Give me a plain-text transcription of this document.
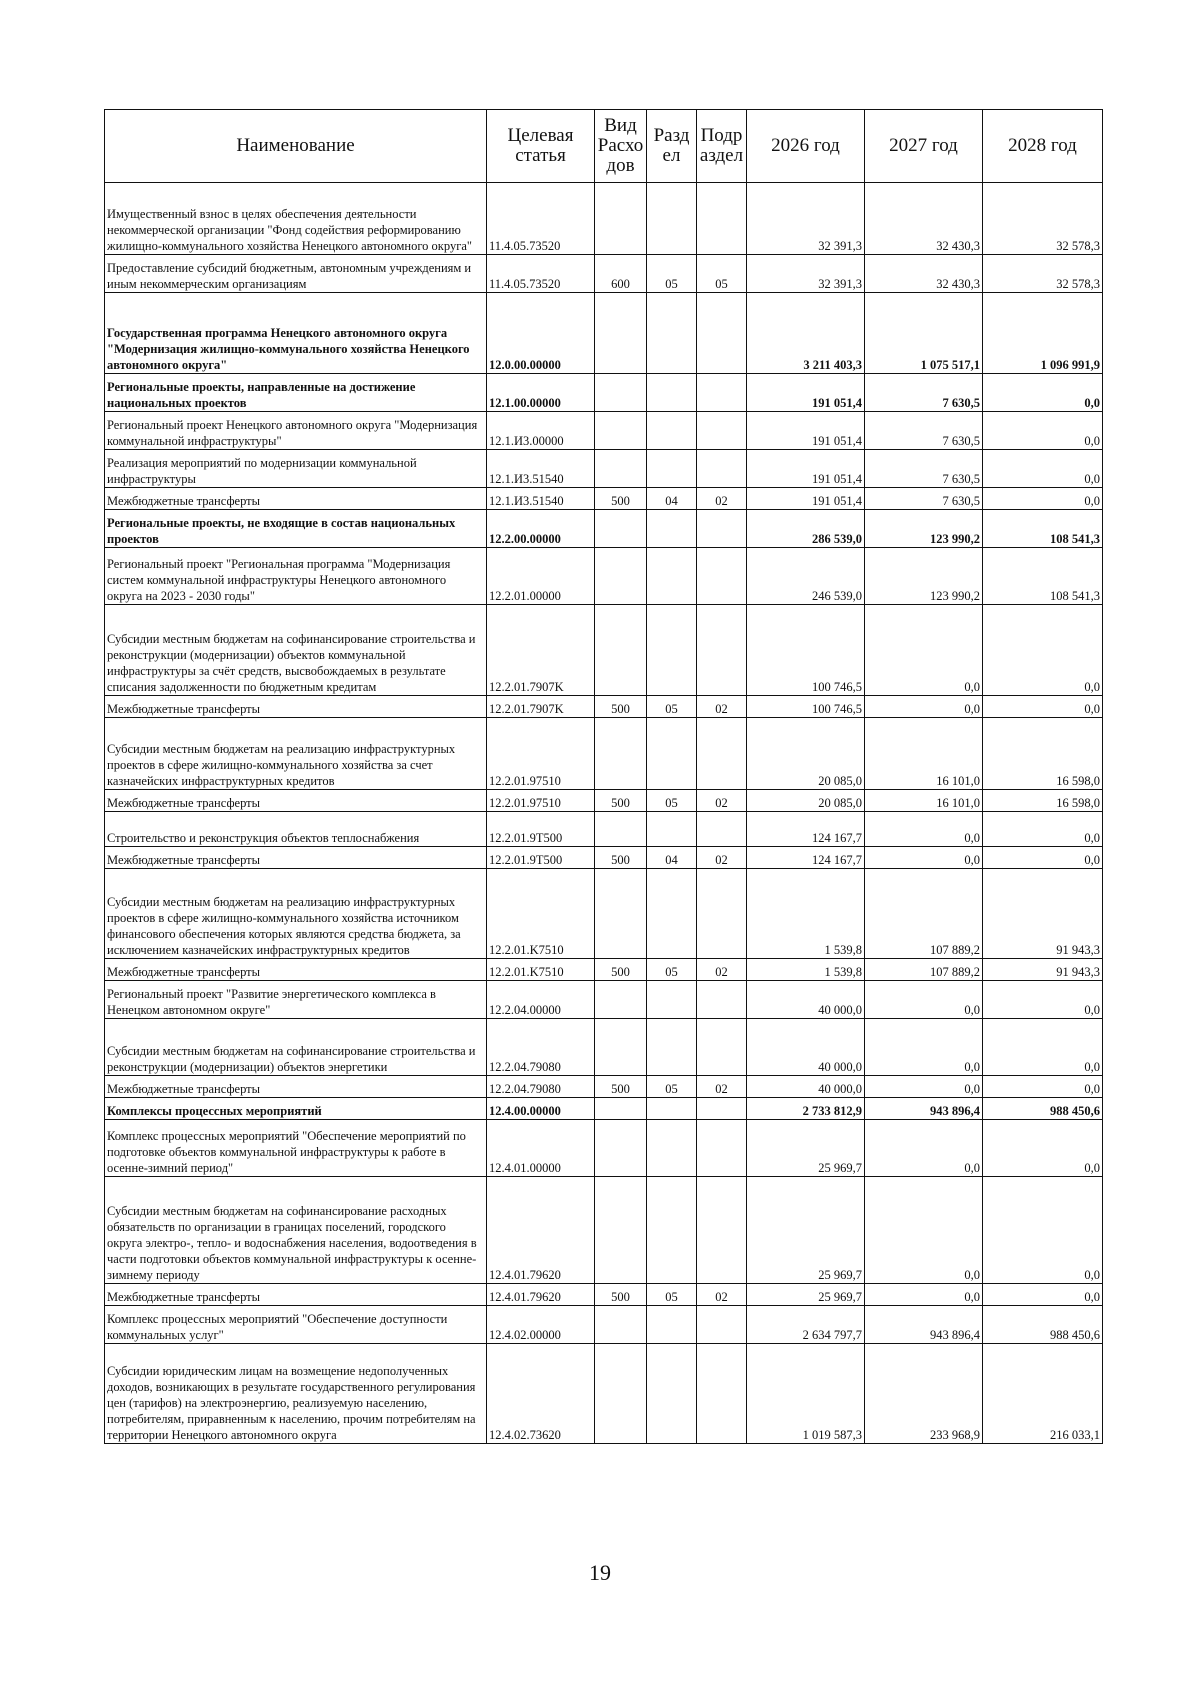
Наименование	Целевая статья	Вид Расхо дов	Разд ел	Подр аздел	2026 год	2027 год	2028 год
Имущественный взнос в целях обеспечения деятельности некоммерческой организации "Фонд содействия реформированию жилищно-коммунального хозяйства Ненецкого автономного округа"	11.4.05.73520				32 391,3	32 430,3	32 578,3
Предоставление субсидий бюджетным, автономным учреждениям и иным некоммерческим организациям	11.4.05.73520	600	05	05	32 391,3	32 430,3	32 578,3
Государственная программа Ненецкого автономного округа "Модернизация жилищно-коммунального хозяйства Ненецкого автономного округа"	12.0.00.00000				3 211 403,3	1 075 517,1	1 096 991,9
Региональные проекты, направленные на достижение национальных проектов	12.1.00.00000				191 051,4	7 630,5	0,0
Региональный проект Ненецкого автономного округа "Модернизация коммунальной инфраструктуры"	12.1.И3.00000				191 051,4	7 630,5	0,0
Реализация мероприятий по модернизации коммунальной инфраструктуры	12.1.И3.51540				191 051,4	7 630,5	0,0
Межбюджетные трансферты	12.1.И3.51540	500	04	02	191 051,4	7 630,5	0,0
Региональные проекты, не входящие в состав национальных проектов	12.2.00.00000				286 539,0	123 990,2	108 541,3
Региональный проект "Региональная программа "Модернизация систем коммунальной инфраструктуры Ненецкого автономного округа на 2023 - 2030 годы"	12.2.01.00000				246 539,0	123 990,2	108 541,3
Субсидии местным бюджетам на софинансирование строительства и реконструкции (модернизации) объектов коммунальной инфраструктуры за счёт средств, высвобождаемых в результате списания задолженности по бюджетным кредитам	12.2.01.7907K				100 746,5	0,0	0,0
Межбюджетные трансферты	12.2.01.7907K	500	05	02	100 746,5	0,0	0,0
Субсидии местным бюджетам на реализацию инфраструктурных проектов в сфере жилищно-коммунального хозяйства за счет казначейских инфраструктурных кредитов	12.2.01.97510				20 085,0	16 101,0	16 598,0
Межбюджетные трансферты	12.2.01.97510	500	05	02	20 085,0	16 101,0	16 598,0
Строительство и реконструкция объектов теплоснабжения	12.2.01.9T500				124 167,7	0,0	0,0
Межбюджетные трансферты	12.2.01.9T500	500	04	02	124 167,7	0,0	0,0
Субсидии местным бюджетам на реализацию инфраструктурных проектов в сфере жилищно-коммунального хозяйства источником финансового обеспечения которых являются средства бюджета, за исключением казначейских инфраструктурных кредитов	12.2.01.K7510				1 539,8	107 889,2	91 943,3
Межбюджетные трансферты	12.2.01.K7510	500	05	02	1 539,8	107 889,2	91 943,3
Региональный проект "Развитие энергетического комплекса в Ненецком автономном округе"	12.2.04.00000				40 000,0	0,0	0,0
Субсидии местным бюджетам на софинансирование строительства и реконструкции (модернизации) объектов энергетики	12.2.04.79080				40 000,0	0,0	0,0
Межбюджетные трансферты	12.2.04.79080	500	05	02	40 000,0	0,0	0,0
Комплексы процессных мероприятий	12.4.00.00000				2 733 812,9	943 896,4	988 450,6
Комплекс процессных мероприятий "Обеспечение мероприятий по подготовке объектов коммунальной инфраструктуры к работе в осенне-зимний период"	12.4.01.00000				25 969,7	0,0	0,0
Субсидии местным бюджетам на софинансирование расходных обязательств по организации в границах поселений, городского округа электро-, тепло- и водоснабжения населения, водоотведения в части подготовки объектов коммунальной инфраструктуры к осенне-зимнему периоду	12.4.01.79620				25 969,7	0,0	0,0
Межбюджетные трансферты	12.4.01.79620	500	05	02	25 969,7	0,0	0,0
Комплекс процессных мероприятий "Обеспечение доступности коммунальных услуг"	12.4.02.00000				2 634 797,7	943 896,4	988 450,6
Субсидии юридическим лицам на возмещение недополученных доходов, возникающих в результате государственного регулирования цен (тарифов) на электроэнергию, реализуемую населению, потребителям, приравненным к населению, прочим потребителям на территории Ненецкого автономного округа	12.4.02.73620				1 019 587,3	233 968,9	216 033,1
19
